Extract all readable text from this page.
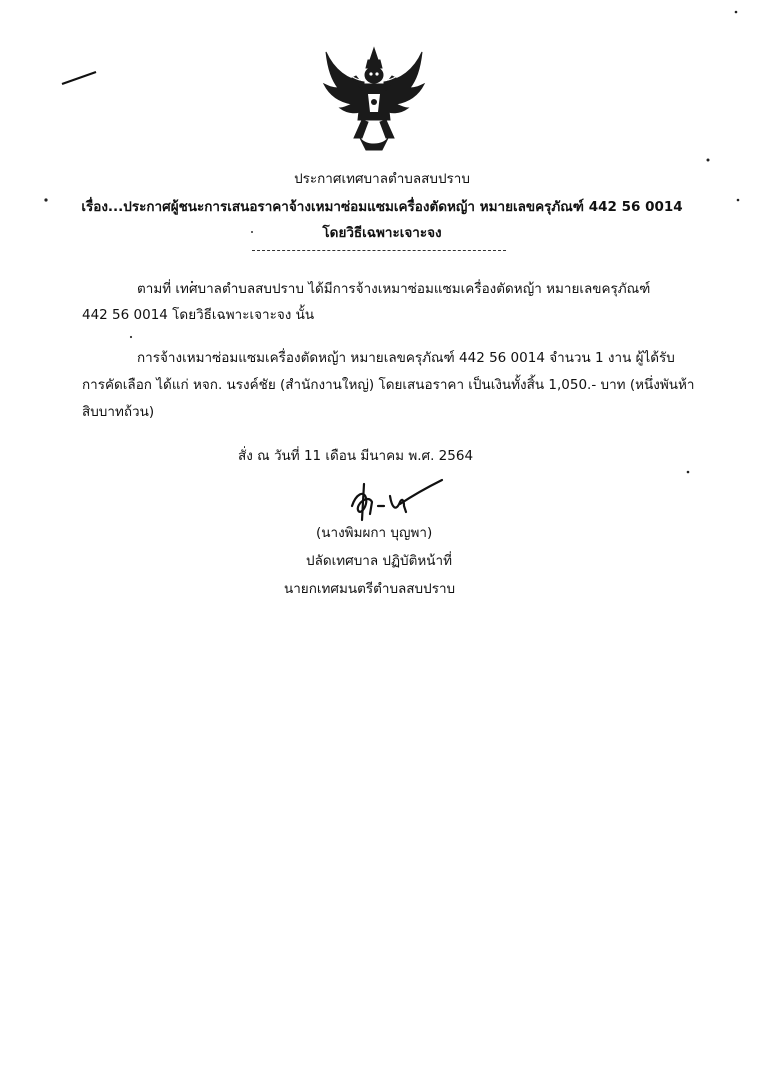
ประกาศเทศบาลตำบลสบปราบ
เรื่อง...ประกาศผู้ชนะการเสนอราคาจ้างเหมาซ่อมแซมเครื่องตัดหญ้า หมายเลขครุภัณฑ์ 442 56 0014
โดยวิธีเฉพาะเจาะจง
ตามที่ เทศบาลตำบลสบปราบ ได้มีการจ้างเหมาซ่อมแซมเครื่องตัดหญ้า หมายเลขครุภัณฑ์
442 56 0014 โดยวิธีเฉพาะเจาะจง นั้น
การจ้างเหมาซ่อมแซมเครื่องตัดหญ้า หมายเลขครุภัณฑ์ 442 56 0014 จำนวน 1 งาน ผู้ได้รับ
การคัดเลือก ได้แก่ หจก. นรงค์ชัย (สำนักงานใหญ่) โดยเสนอราคา เป็นเงินทั้งสิ้น 1,050.- บาท (หนึ่งพันห้า
สิบบาทถ้วน)
สั่ง ณ วันที่ 11 เดือน มีนาคม พ.ศ. 2564
(นางพิมผกา บุญพา)
ปลัดเทศบาล ปฏิบัติหน้าที่
นายกเทศมนตรีตำบลสบปราบ
